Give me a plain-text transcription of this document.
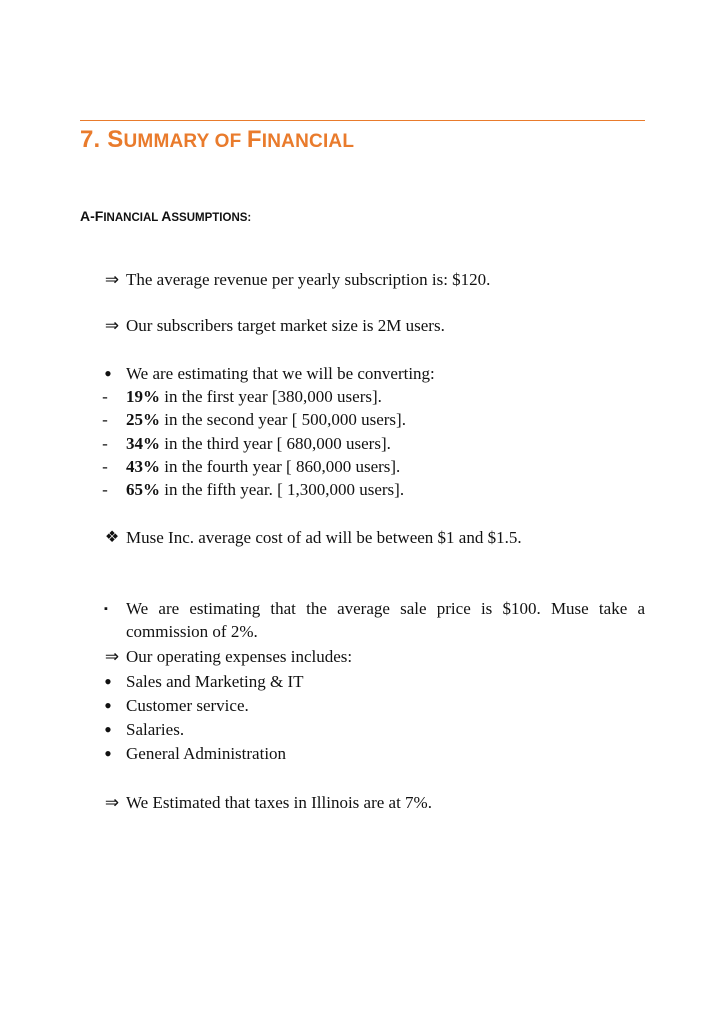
7. SUMMARY OF FINANCIAL
A-FINANCIAL ASSUMPTIONS:
⇒ The average revenue per yearly subscription is: $120.
⇒ Our subscribers target market size is 2M users.
• We are estimating that we will be converting:
- 19% in the first year [380,000 users].
- 25% in the second year [ 500,000 users].
- 34% in the third year [ 680,000 users].
- 43% in the fourth year [ 860,000 users].
- 65% in the fifth year. [ 1,300,000 users].
❖ Muse Inc. average cost of ad will be between $1 and $1.5.
▪ We are estimating that the average sale price is $100. Muse take a
commission of 2%.
⇒ Our operating expenses includes:
• Sales and Marketing & IT
• Customer service.
• Salaries.
• General Administration
⇒ We Estimated that taxes in Illinois are at 7%.
